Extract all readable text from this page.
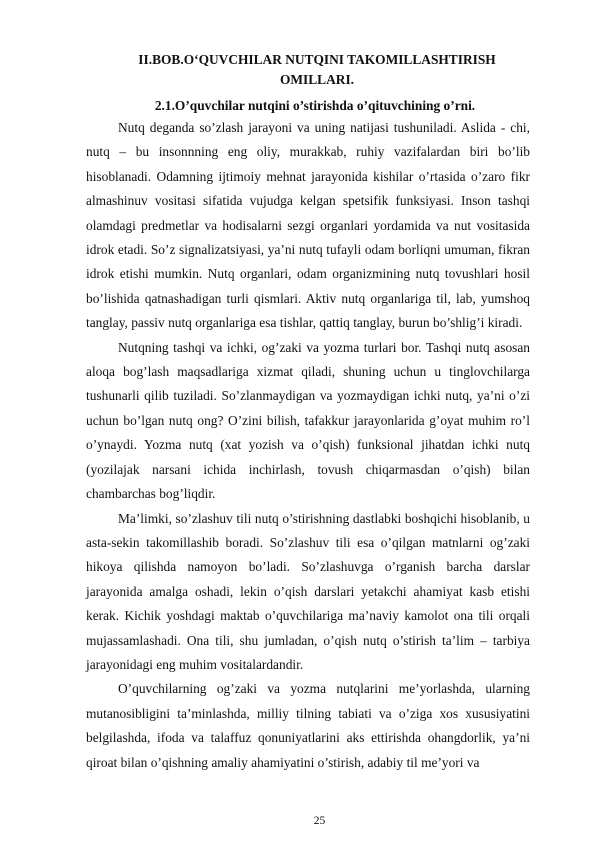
II.BOB.O‘QUVCHILAR NUTQINI TAKOMILLASHTIRISH
OMILLARI.

2.1.O’quvchilar nutqini o’stirishda o’qituvchining o’rni.

Nutq deganda so’zlash jarayoni va uning natijasi tushuniladi. Aslida - chi, nutq – bu insonnning eng oliy, murakkab, ruhiy vazifalardan biri bo’lib hisoblanadi. Odamning ijtimoiy mehnat jarayonida kishilar o’rtasida o’zaro fikr almashinuv vositasi sifatida vujudga kelgan spetsifik funksiyasi. Inson tashqi olamdagi predmetlar va hodisalarni sezgi organlari yordamida va nut vositasida idrok etadi. So’z signalizatsiyasi, ya’ni nutq tufayli odam borliqni umuman, fikran idrok etishi mumkin. Nutq organlari, odam organizmining nutq tovushlari hosil bo’lishida qatnashadigan turli qismlari. Aktiv nutq organlariga til, lab, yumshoq tanglay, passiv nutq organlariga esa tishlar, qattiq tanglay, burun bo’shlig’i kiradi.

Nutqning tashqi va ichki, og’zaki va yozma turlari bor. Tashqi nutq asosan aloqa bog’lash maqsadlariga xizmat qiladi, shuning uchun u tinglovchilarga tushunarli qilib tuziladi. So’zlanmaydigan va yozmaydigan ichki nutq, ya’ni o’zi uchun bo’lgan nutq ong? O’zini bilish, tafakkur jarayonlarida g’oyat muhim ro’l o’ynaydi. Yozma nutq (xat yozish va o’qish) funksional jihatdan ichki nutq (yozilajak narsani ichida inchirlash, tovush chiqarmasdan o’qish) bilan chambarchas bog’liqdir.

Ma’limki, so’zlashuv tili nutq o’stirishning dastlabki boshqichi hisoblanib, u asta-sekin takomillashib boradi. So’zlashuv tili esa o’qilgan matnlarni og’zaki hikoya qilishda namoyon bo’ladi. So’zlashuvga o’rganish barcha darslar jarayonida amalga oshadi, lekin o’qish darslari yetakchi ahamiyat kasb etishi kerak. Kichik yoshdagi maktab o’quvchilariga ma’naviy kamolot ona tili orqali mujassamlashadi. Ona tili, shu jumladan, o’qish nutq o’stirish ta’lim – tarbiya jarayonidagi eng muhim vositalardandir.

O’quvchilarning og’zaki va yozma nutqlarini me’yorlashda, ularning mutanosibligini ta’minlashda, milliy tilning tabiati va o’ziga xos xususiyatini belgilashda, ifoda va talaffuz qonuniyatlarini aks ettirishda ohangdorlik, ya’ni qiroat bilan o’qishning amaliy ahamiyatini o’stirish, adabiy til me’yori va

25
